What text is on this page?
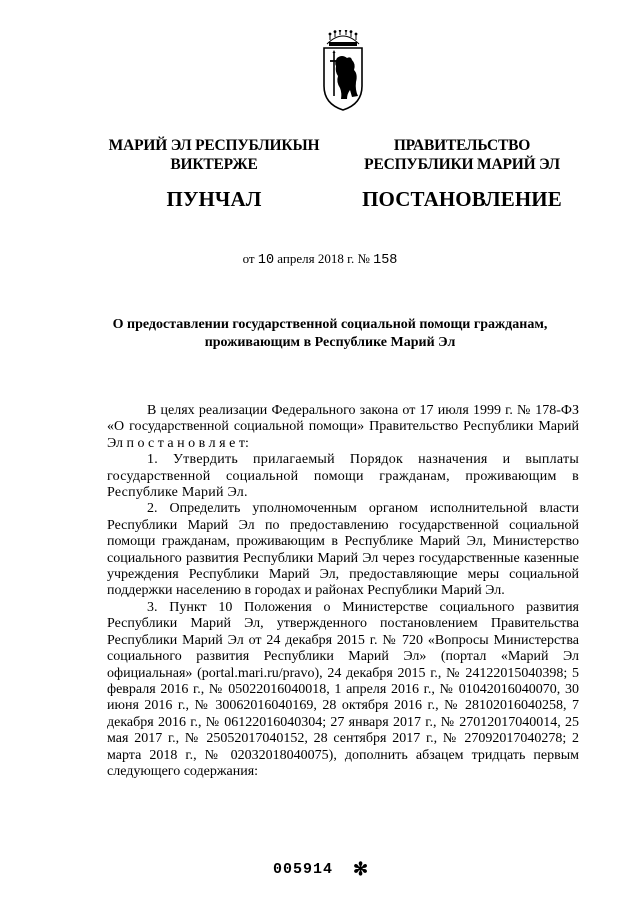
МАРИЙ ЭЛ РЕСПУБЛИКЫН
ВИКТЕРЖЕ
ПУНЧАЛ
ПРАВИТЕЛЬСТВО
РЕСПУБЛИКИ МАРИЙ ЭЛ
ПОСТАНОВЛЕНИЕ
от 10 апреля 2018 г. № 158
О предоставлении государственной социальной помощи гражданам,
проживающим в Республике Марий Эл

В целях реализации Федерального закона от 17 июля 1999 г. № 178-ФЗ «О государственной социальной помощи» Правительство Республики Марий Эл п о с т а н о в л я е т:

1. Утвердить прилагаемый Порядок назначения и выплаты государственной социальной помощи гражданам, проживающим в Республике Марий Эл.

2. Определить уполномоченным органом исполнительной власти Республики Марий Эл по предоставлению государственной социальной помощи гражданам, проживающим в Республике Марий Эл, Министерство социального развития Республики Марий Эл через государственные казенные учреждения Республики Марий Эл, предоставляющие меры социальной поддержки населению в городах и районах Республики Марий Эл.

3. Пункт 10 Положения о Министерстве социального развития Республики Марий Эл, утвержденного постановлением Правительства Республики Марий Эл от 24 декабря 2015 г. № 720 «Вопросы Министерства социального развития Республики Марий Эл» (портал «Марий Эл официальная» (portal.mari.ru/pravo), 24 декабря 2015 г., № 24122015040398; 5 февраля 2016 г., № 05022016040018, 1 апреля 2016 г., № 01042016040070, 30 июня 2016 г., № 30062016040169, 28 октября 2016 г., № 28102016040258, 7 декабря 2016 г., № 06122016040304; 27 января 2017 г., № 27012017040014, 25 мая 2017 г., № 25052017040152, 28 сентября 2017 г., № 27092017040278; 2 марта 2018 г., № 02032018040075), дополнить абзацем тридцать первым следующего содержания:

005914 ✻
